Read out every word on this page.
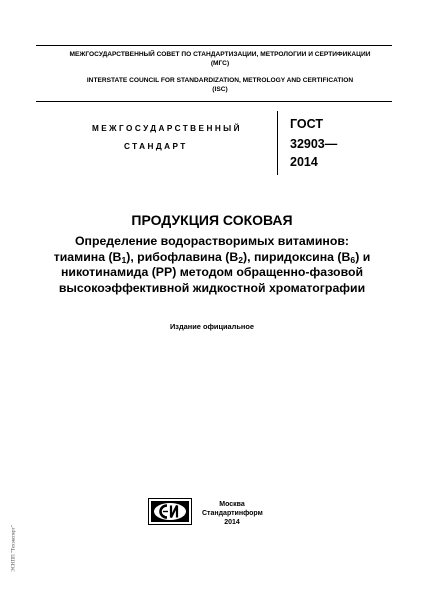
МЕЖГОСУДАРСТВЕННЫЙ СОВЕТ ПО СТАНДАРТИЗАЦИИ, МЕТРОЛОГИИ И СЕРТИФИКАЦИИ
(МГС)
INTERSTATE COUNCIL FOR STANDARDIZATION, METROLOGY AND CERTIFICATION
(ISC)
МЕЖГОСУДАРСТВЕННЫЙ
СТАНДАРТ
ГОСТ
32903—
2014
ПРОДУКЦИЯ СОКОВАЯ
Определение водорастворимых витаминов:
тиамина $(В_1)$, рибофлавина $(В_2)$, пиридоксина $(В_6)$ и
никотинамида (РР) методом обращенно-фазовой
высокоэффективной жидкостной хроматографии
Издание официальное
Москва
Стандартинформ
2014
ЭСНПП "Техэксперт"
